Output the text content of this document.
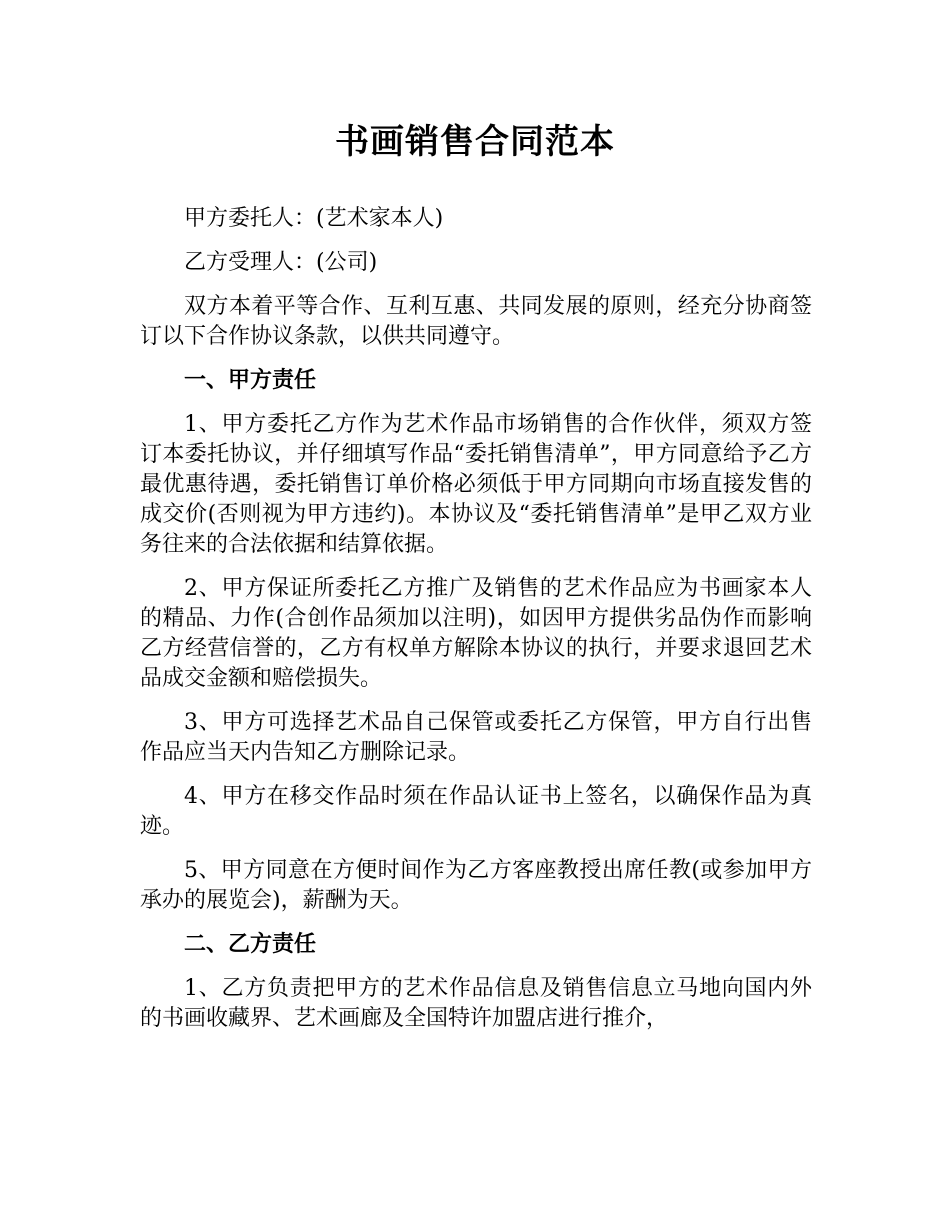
书画销售合同范本

甲方委托人：(艺术家本人)

乙方受理人：(公司)

双方本着平等合作、互利互惠、共同发展的原则，经充分协商签订以下合作协议条款，以供共同遵守。

一、甲方责任

1、甲方委托乙方作为艺术作品市场销售的合作伙伴，须双方签订本委托协议，并仔细填写作品“委托销售清单”，甲方同意给予乙方最优惠待遇，委托销售订单价格必须低于甲方同期向市场直接发售的成交价(否则视为甲方违约)。本协议及“委托销售清单”是甲乙双方业务往来的合法依据和结算依据。

2、甲方保证所委托乙方推广及销售的艺术作品应为书画家本人的精品、力作(合创作品须加以注明)，如因甲方提供劣品伪作而影响乙方经营信誉的，乙方有权单方解除本协议的执行，并要求退回艺术品成交金额和赔偿损失。

3、甲方可选择艺术品自己保管或委托乙方保管，甲方自行出售作品应当天内告知乙方删除记录。

4、甲方在移交作品时须在作品认证书上签名，以确保作品为真迹。

5、甲方同意在方便时间作为乙方客座教授出席任教(或参加甲方承办的展览会)，薪酬为天。

二、乙方责任

1、乙方负责把甲方的艺术作品信息及销售信息立马地向国内外的书画收藏界、艺术画廊及全国特许加盟店进行推介，
